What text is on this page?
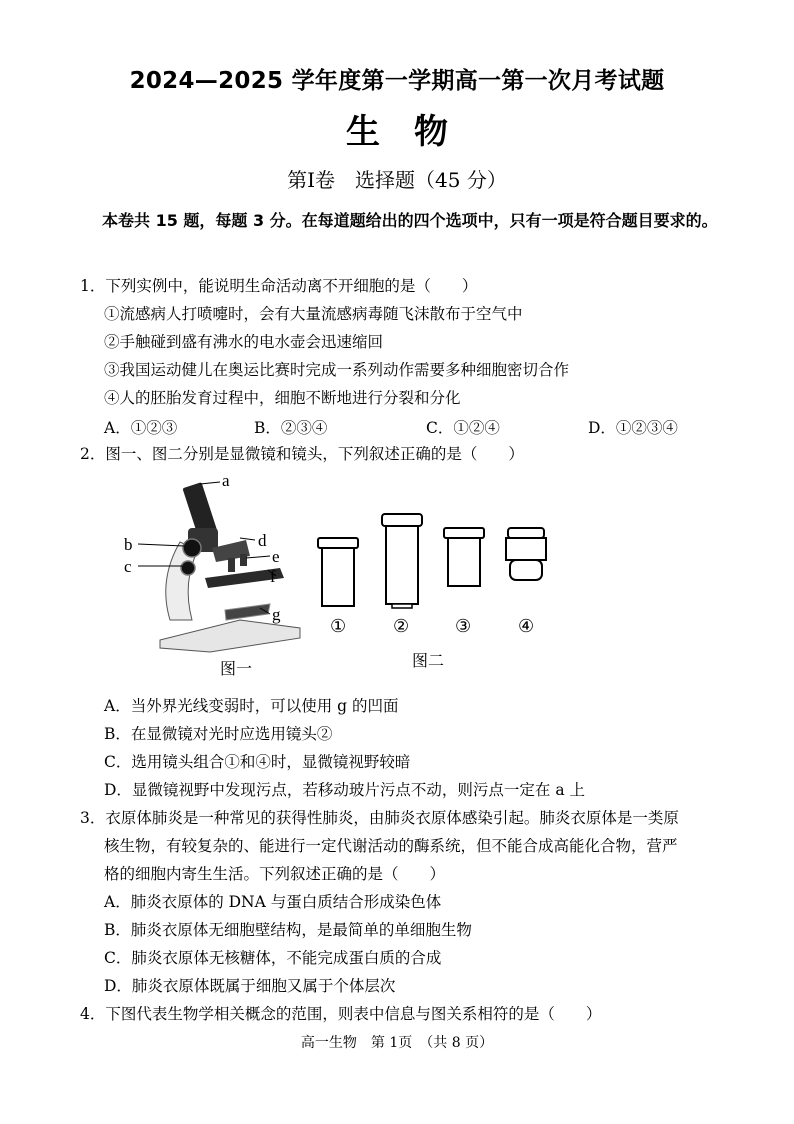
2024—2025 学年度第一学期高一第一次月考试题
生　物
第Ⅰ卷　选择题（45 分）
本卷共 15 题，每题 3 分。在每道题给出的四个选项中，只有一项是符合题目要求的。
1．下列实例中，能说明生命活动离不开细胞的是（　　）
①流感病人打喷嚏时，会有大量流感病毒随飞沫散布于空气中
②手触碰到盛有沸水的电水壶会迅速缩回
③我国运动健儿在奥运比赛时完成一系列动作需要多种细胞密切合作
④人的胚胎发育过程中，细胞不断地进行分裂和分化
A．①②③	B．②③④	C．①②④	D．①②③④
2．图一、图二分别是显微镜和镜头，下列叙述正确的是（　　）
a
b
c
d
e
f
g
图一
①	②	③	④
图二
A．当外界光线变弱时，可以使用 g 的凹面
B．在显微镜对光时应选用镜头②
C．选用镜头组合①和④时，显微镜视野较暗
D．显微镜视野中发现污点，若移动玻片污点不动，则污点一定在 a 上
3．衣原体肺炎是一种常见的获得性肺炎，由肺炎衣原体感染引起。肺炎衣原体是一类原
核生物，有较复杂的、能进行一定代谢活动的酶系统，但不能合成高能化合物，营严
格的细胞内寄生生活。下列叙述正确的是（　　）
A．肺炎衣原体的 DNA 与蛋白质结合形成染色体
B．肺炎衣原体无细胞壁结构，是最简单的单细胞生物
C．肺炎衣原体无核糖体，不能完成蛋白质的合成
D．肺炎衣原体既属于细胞又属于个体层次
4．下图代表生物学相关概念的范围，则表中信息与图关系相符的是（　　）
高一生物　第 1页　（共 8 页）
